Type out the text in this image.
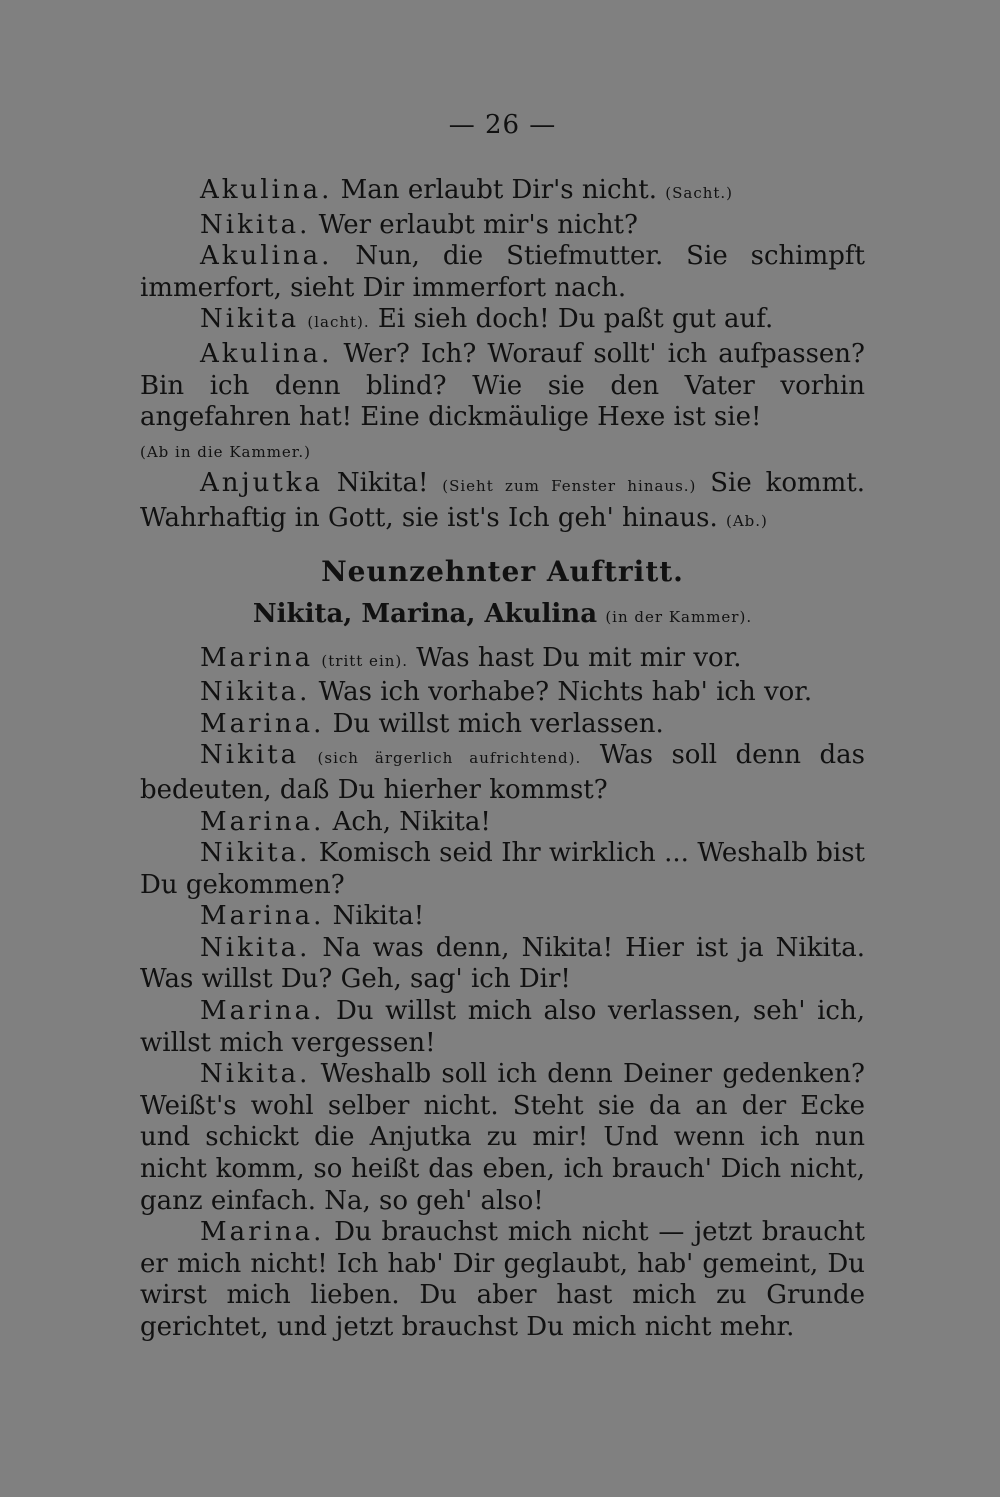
— 26 —

Akulina. Man erlaubt Dir's nicht. (Sacht.)

Nikita. Wer erlaubt mir's nicht?

Akulina. Nun, die Stiefmutter. Sie schimpft immerfort, sieht Dir immerfort nach.

Nikita (lacht). Ei sieh doch! Du paßt gut auf.

Akulina. Wer? Ich? Worauf sollt' ich aufpassen? Bin ich denn blind? Wie sie den Vater vorhin angefahren hat! Eine dickmäulige Hexe ist sie!

(Ab in die Kammer.)

Anjutka Nikita! (Sieht zum Fenster hinaus.) Sie kommt. Wahrhaftig in Gott, sie ist's Ich geh' hinaus. (Ab.)

Neunzehnter Auftritt.
Nikita, Marina, Akulina (in der Kammer).

Marina (tritt ein). Was hast Du mit mir vor.

Nikita. Was ich vorhabe? Nichts hab' ich vor.

Marina. Du willst mich verlassen.

Nikita (sich ärgerlich aufrichtend). Was soll denn das bedeuten, daß Du hierher kommst?

Marina. Ach, Nikita!

Nikita. Komisch seid Ihr wirklich ... Weshalb bist Du gekommen?

Marina. Nikita!

Nikita. Na was denn, Nikita! Hier ist ja Nikita. Was willst Du? Geh, sag' ich Dir!

Marina. Du willst mich also verlassen, seh' ich, willst mich vergessen!

Nikita. Weshalb soll ich denn Deiner gedenken? Weißt's wohl selber nicht. Steht sie da an der Ecke und schickt die Anjutka zu mir! Und wenn ich nun nicht komm, so heißt das eben, ich brauch' Dich nicht, ganz einfach. Na, so geh' also!

Marina. Du brauchst mich nicht — jetzt braucht er mich nicht! Ich hab' Dir geglaubt, hab' gemeint, Du wirst mich lieben. Du aber hast mich zu Grunde gerichtet, und jetzt brauchst Du mich nicht mehr.
